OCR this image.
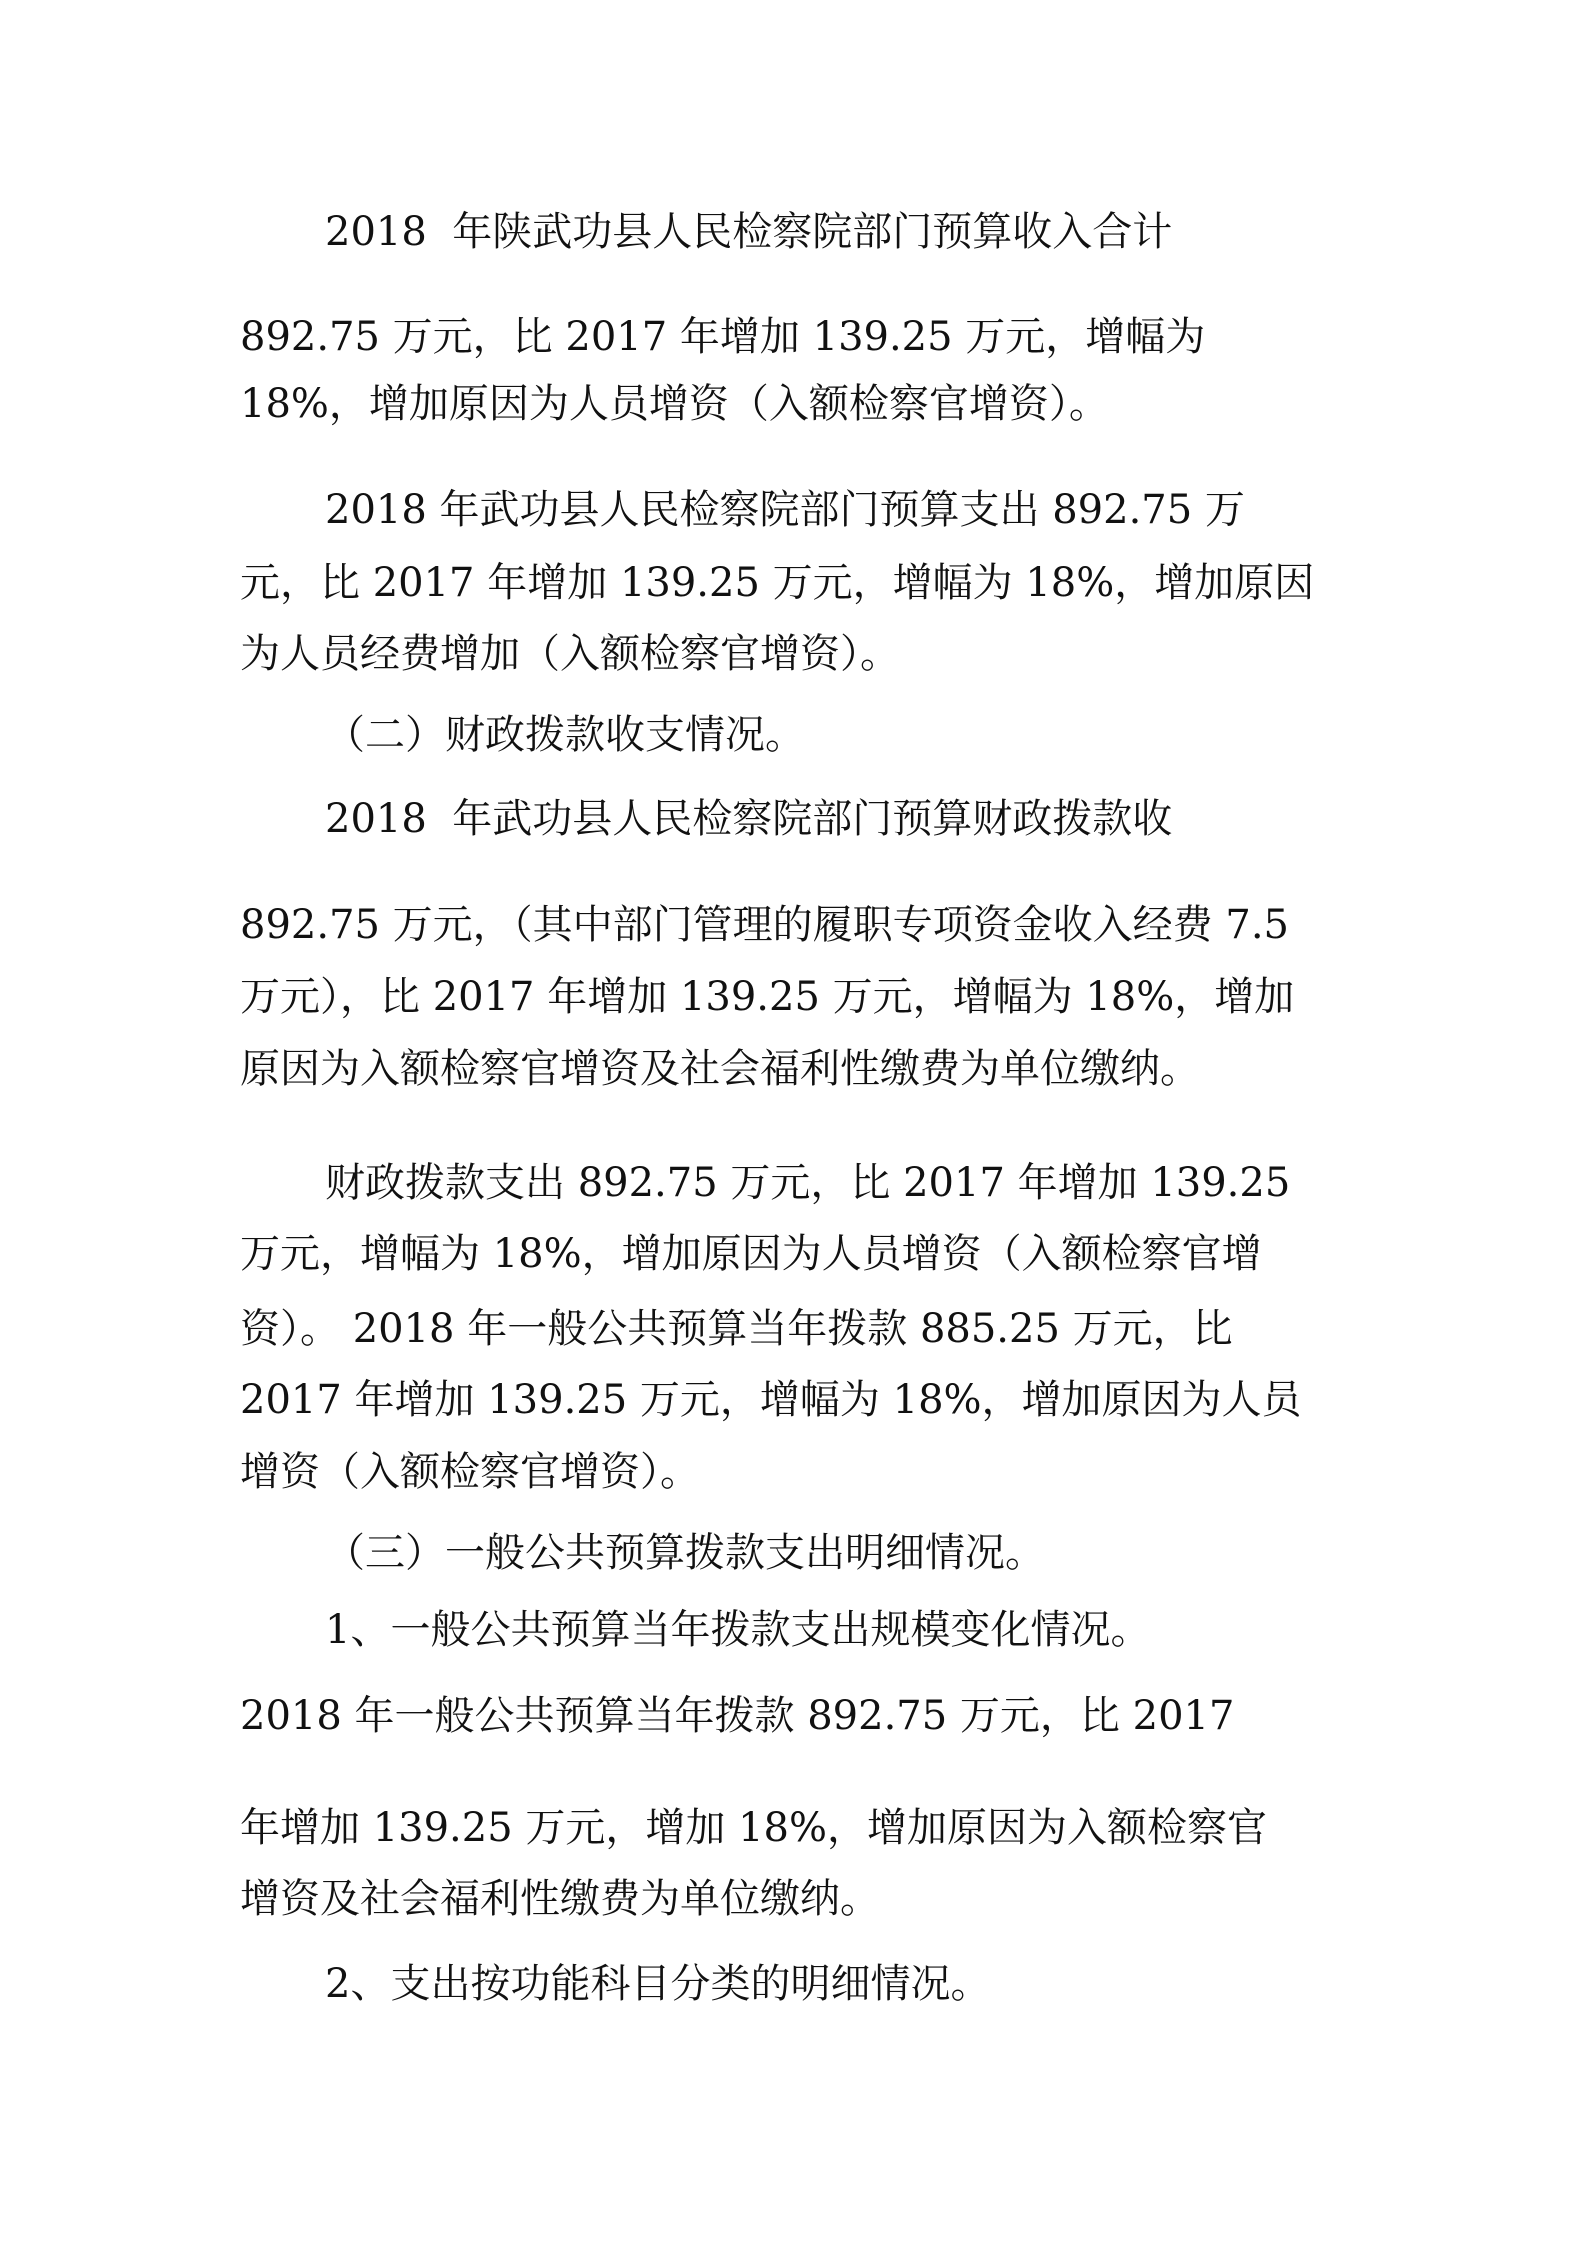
2018  年陕武功县人民检察院部门预算收入合计

892.75 万元，比 2017 年增加 139.25 万元，增幅为

18%，增加原因为人员增资（入额检察官增资）。

2018 年武功县人民检察院部门预算支出 892.75 万

元，比 2017 年增加 139.25 万元，增幅为 18%，增加原因

为人员经费增加（入额检察官增资）。

（二）财政拨款收支情况。

2018  年武功县人民检察院部门预算财政拨款收

892.75 万元，（其中部门管理的履职专项资金收入经费 7.5

万元），比 2017 年增加 139.25 万元，增幅为 18%，增加

原因为入额检察官增资及社会福利性缴费为单位缴纳。

财政拨款支出 892.75 万元，比 2017 年增加 139.25

万元，增幅为 18%，增加原因为人员增资（入额检察官增

资）。 2018 年一般公共预算当年拨款 885.25 万元，比

2017 年增加 139.25 万元，增幅为 18%，增加原因为人员

增资（入额检察官增资）。

（三）一般公共预算拨款支出明细情况。

1、一般公共预算当年拨款支出规模变化情况。

2018 年一般公共预算当年拨款 892.75 万元，比 2017

年增加 139.25 万元，增加 18%，增加原因为入额检察官

增资及社会福利性缴费为单位缴纳。

2、支出按功能科目分类的明细情况。
